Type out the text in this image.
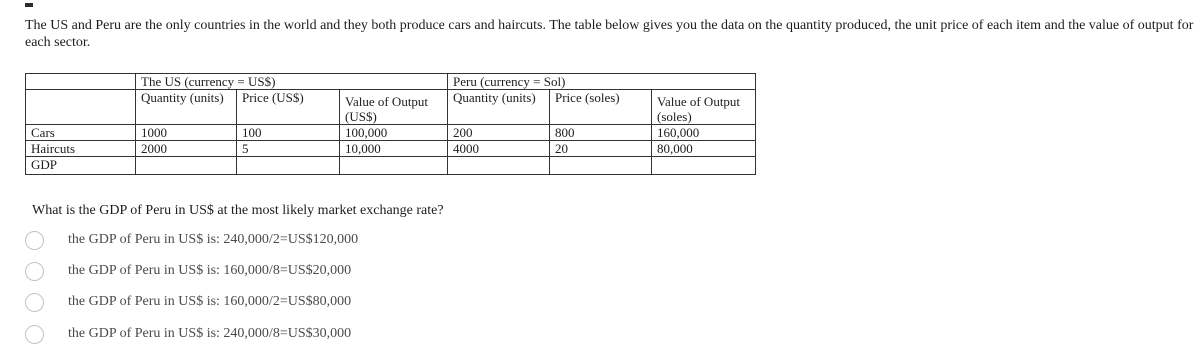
The US and Peru are the only countries in the world and they both produce cars and haircuts. The table below gives you the data on the quantity produced, the unit price of each item and the value of output for each sector.

	The US (currency = US$)			Peru (currency = Sol)		
	Quantity (units)	Price (US$)	Value of Output (US$)	Quantity (units)	Price (soles)	Value of Output (soles)
Cars	1000	100	100,000	200	800	160,000
Haircuts	2000	5	10,000	4000	20	80,000
GDP						

What is the GDP of Peru in US$ at the most likely market exchange rate?

the GDP of Peru in US$ is: 240,000/2=US$120,000
the GDP of Peru in US$ is: 160,000/8=US$20,000
the GDP of Peru in US$ is: 160,000/2=US$80,000
the GDP of Peru in US$ is: 240,000/8=US$30,000
